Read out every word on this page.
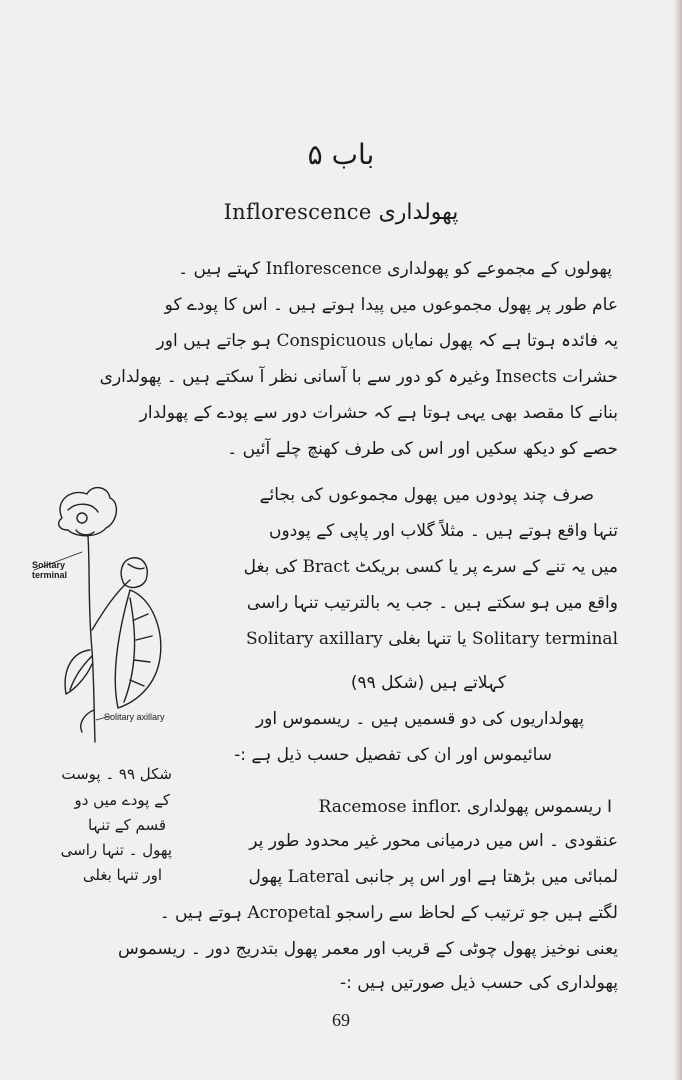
باب ۵
پھولداری Inflorescence
پھولوں کے مجموعے کو پھولداری Inflorescence کہتے ہیں ۔
عام طور پر پھول مجموعوں میں پیدا ہوتے ہیں ۔ اس کا پودے کو
یہ فائدہ ہوتا ہے کہ پھول نمایاں Conspicuous ہو جاتے ہیں اور
حشرات Insects وغیرہ کو دور سے با آسانی نظر آ سکتے ہیں ۔ پھولداری
بنانے کا مقصد بھی یہی ہوتا ہے کہ حشرات دور سے پودے کے پھولدار
حصے کو دیکھ سکیں اور اس کی طرف کھنچ چلے آئیں ۔
صرف چند پودوں میں پھول مجموعوں کی بجائے
تنہا واقع ہوتے ہیں ۔ مثلاً گلاب اور پاپی کے پودوں
میں یہ تنے کے سرے پر یا کسی بریکٹ Bract کی بغل
واقع میں ہو سکتے ہیں ۔ جب یہ بالترتیب تنہا راسی
Solitary terminal یا تنہا بغلی Solitary axillary
کہلاتے ہیں (شکل ۹۹)
پھولداریوں کی دو قسمیں ہیں ۔ ریسموس اور
سائیموس اور ان کی تفصیل حسب ذیل ہے :-
I ریسموس پھولداری Racemose inflor.
عنقودی ۔ اس میں درمیانی محور غیر محدود طور پر
لمبائی میں بڑھتا ہے اور اس پر جانبی Lateral پھول
لگتے ہیں جو ترتیب کے لحاظ سے راسجو Acropetal ہوتے ہیں ۔
یعنی نوخیز پھول چوٹی کے قریب اور معمر پھول بتدریج دور ۔ ریسموس
پھولداری کی حسب ذیل صورتیں ہیں :-
Solitary
terminal
Solitary axillary
شکل ۹۹ ۔ پوست
کے پودے میں دو
قسم کے تنہا
پھول ۔ تنہا راسی
اور تنہا بغلی
69
